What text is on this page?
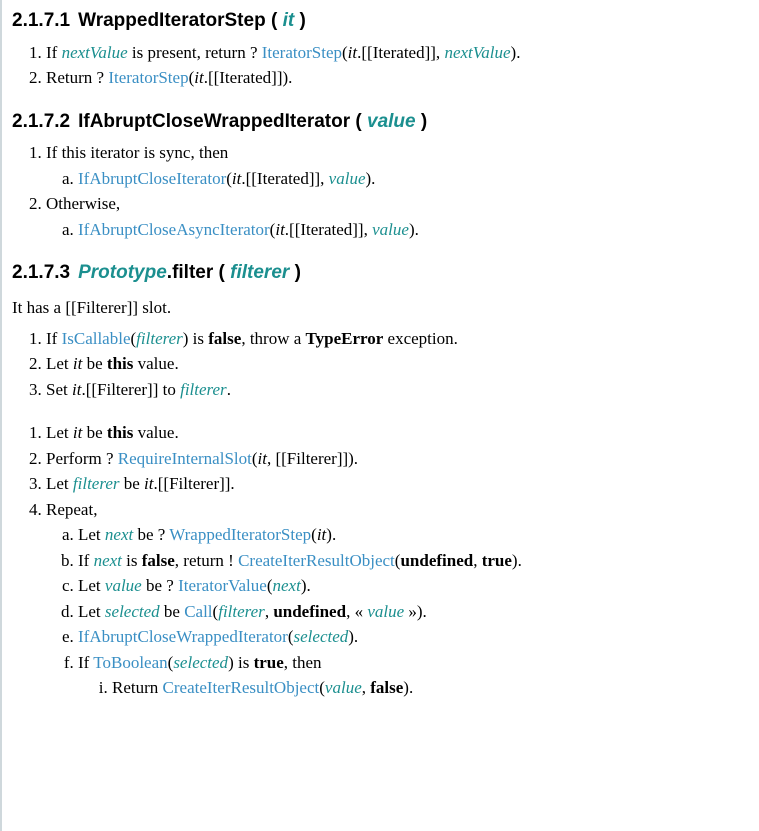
2.1.7.1 WrappedIteratorStep ( it )
1. If nextValue is present, return ? IteratorStep(it.[[Iterated]], nextValue).
2. Return ? IteratorStep(it.[[Iterated]]).
2.1.7.2 IfAbruptCloseWrappedIterator ( value )
1. If this iterator is sync, then
a. IfAbruptCloseIterator(it.[[Iterated]], value).
2. Otherwise,
a. IfAbruptCloseAsyncIterator(it.[[Iterated]], value).
2.1.7.3 Prototype.filter ( filterer )

It has a [[Filterer]] slot.

1. If IsCallable(filterer) is false, throw a TypeError exception.
2. Let it be this value.
3. Set it.[[Filterer]] to filterer.
1. Let it be this value.
2. Perform ? RequireInternalSlot(it, [[Filterer]]).
3. Let filterer be it.[[Filterer]].
4. Repeat,
a. Let next be ? WrappedIteratorStep(it).
b. If next is false, return ! CreateIterResultObject(undefined, true).
c. Let value be ? IteratorValue(next).
d. Let selected be Call(filterer, undefined, « value »).
e. IfAbruptCloseWrappedIterator(selected).
f. If ToBoolean(selected) is true, then
i. Return CreateIterResultObject(value, false).
